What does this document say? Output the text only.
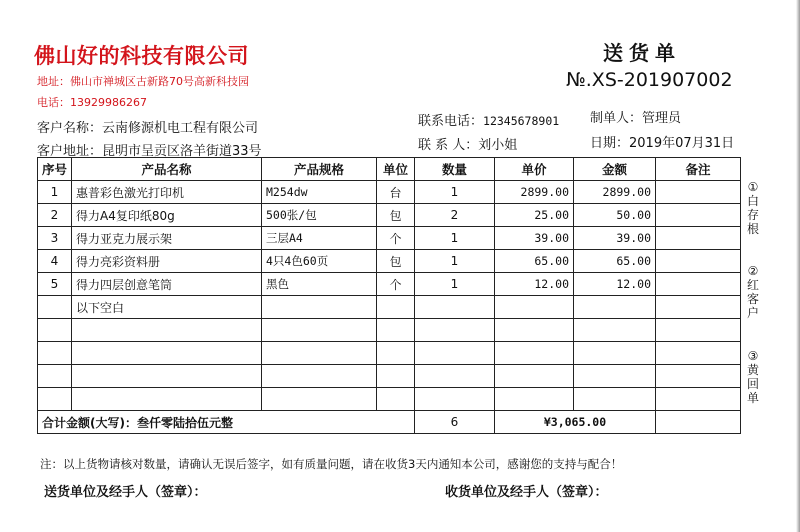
佛山好的科技有限公司
地址：佛山市禅城区古新路70号高新科技园
电话：13929986267
送货单
№.XS-201907002
客户名称：云南修源机电工程有限公司
客户地址：昆明市呈贡区洛羊街道33号
联系电话：12345678901
联 系 人：刘小姐
制单人：管理员
日期：2019年07月31日
序号	产品名称	产品规格	单位	数量	单价	金额	备注
1	惠普彩色激光打印机	M254dw	台	1	2899.00	2899.00	
2	得力A4复印纸80g	500张/包	包	2	25.00	50.00	
3	得力亚克力展示架	三层A4	个	1	39.00	39.00	
4	得力亮彩资料册	4只4色60页	包	1	65.00	65.00	
5	得力四层创意笔筒	黑色	个	1	12.00	12.00	
	以下空白						

合计金额(大写)：叁仟零陆拾伍元整				6	¥3,065.00		
①白存根
②红客户
③黄回单
注：以上货物请核对数量，请确认无误后签字，如有质量问题，请在收货3天内通知本公司，感谢您的支持与配合！
送货单位及经手人（签章）：	收货单位及经手人（签章）：
